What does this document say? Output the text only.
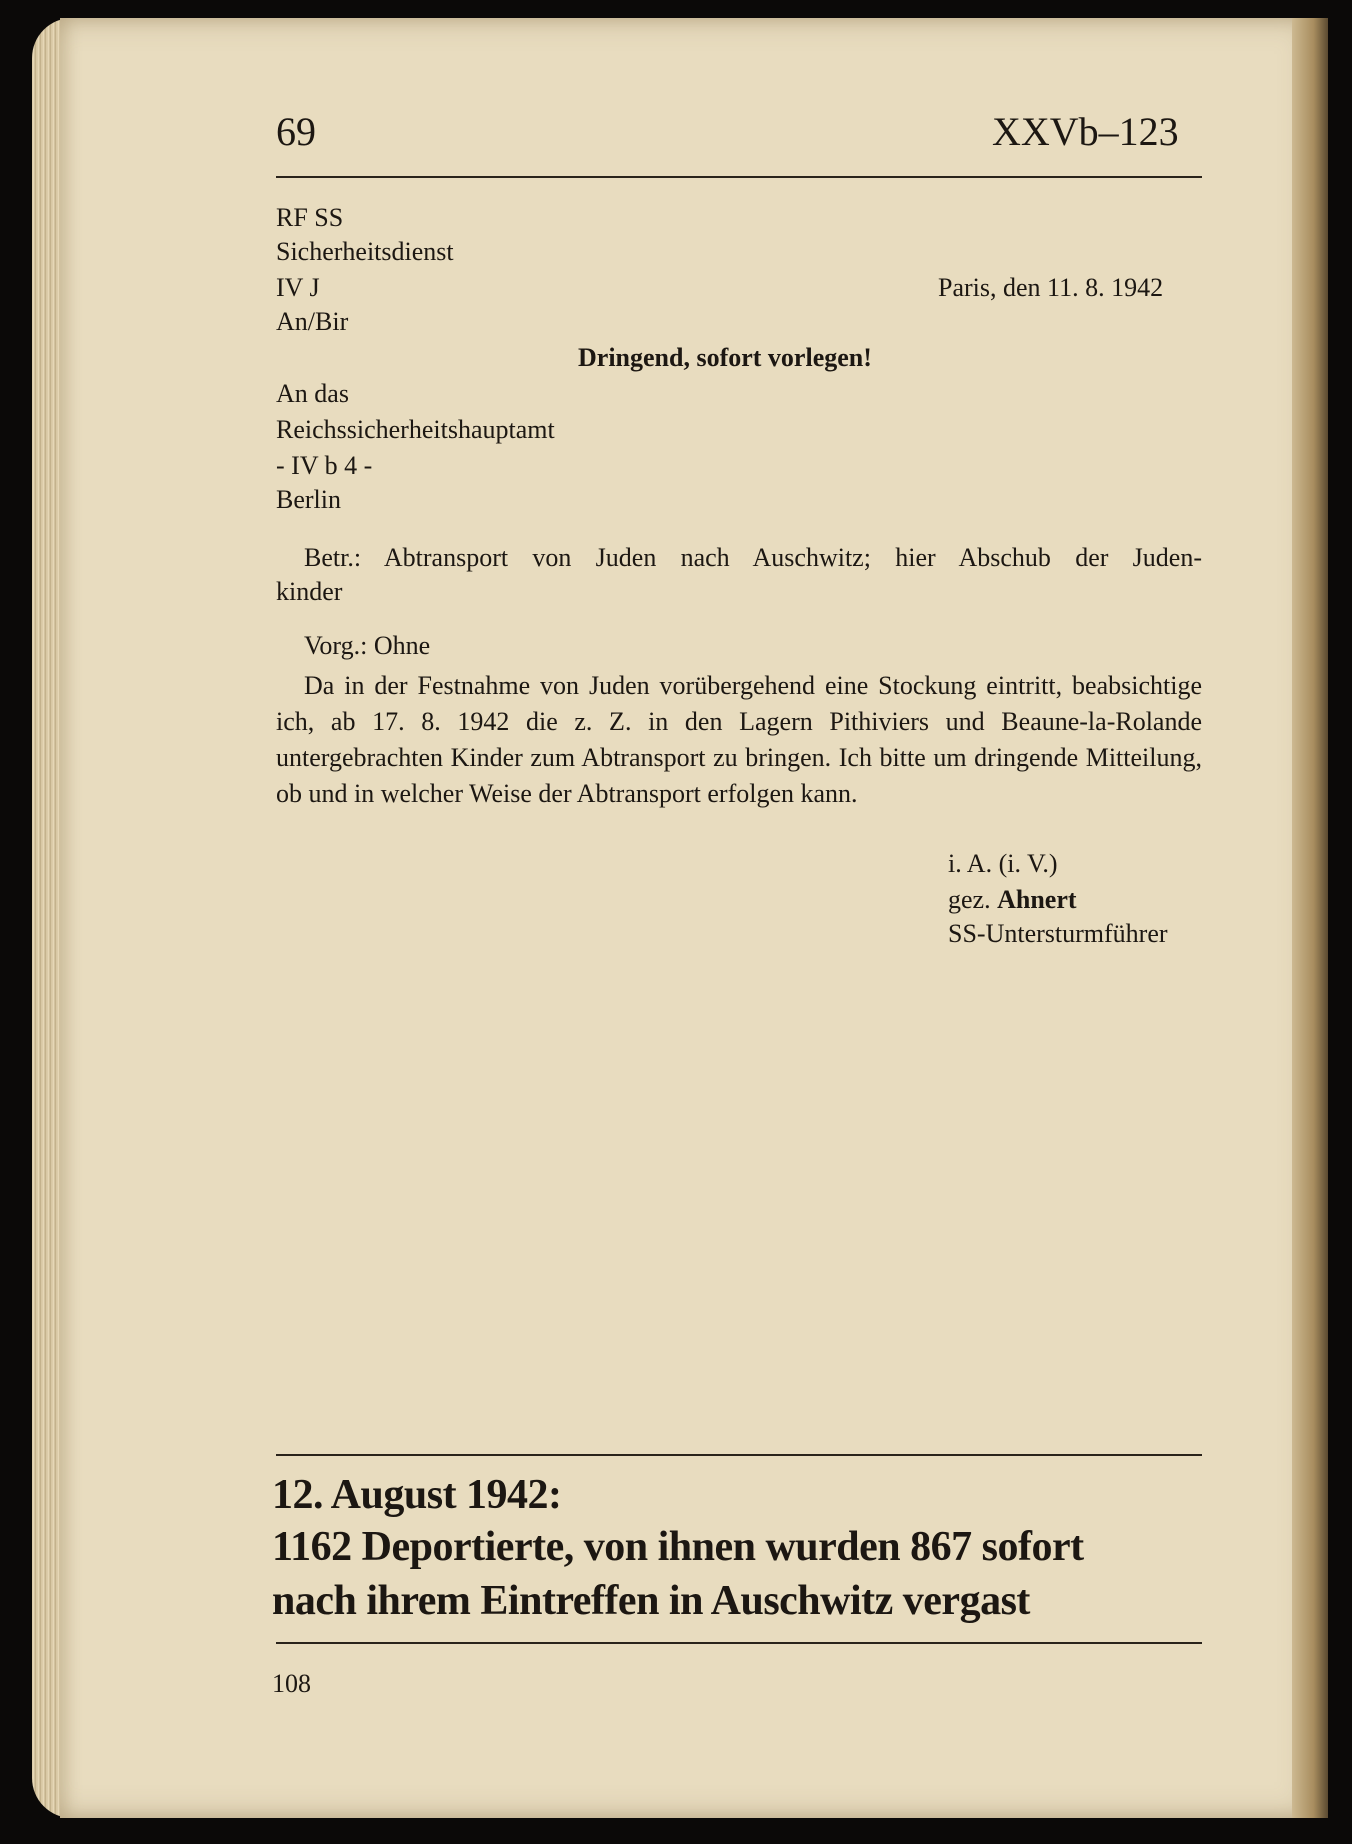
69	XXVb–123
RF SS
Sicherheitsdienst
IV J
An/Bir
Paris, den 11. 8. 1942
Dringend, sofort vorlegen!
An das
Reichssicherheitshauptamt
- IV b 4 -
Berlin
Betr.: Abtransport von Juden nach Auschwitz; hier Abschub der Juden-
kinder
Vorg.: Ohne
Da in der Festnahme von Juden vorübergehend eine Stockung eintritt, beabsichtige ich, ab 17. 8. 1942 die z. Z. in den Lagern Pithiviers und Beaune-la-Rolande untergebrachten Kinder zum Abtransport zu bringen. Ich bitte um dringende Mitteilung, ob und in welcher Weise der Abtransport erfolgen kann.
i. A. (i. V.)
gez. Ahnert
SS-Untersturmführer
12. August 1942:
1162 Deportierte, von ihnen wurden 867 sofort
nach ihrem Eintreffen in Auschwitz vergast
108
